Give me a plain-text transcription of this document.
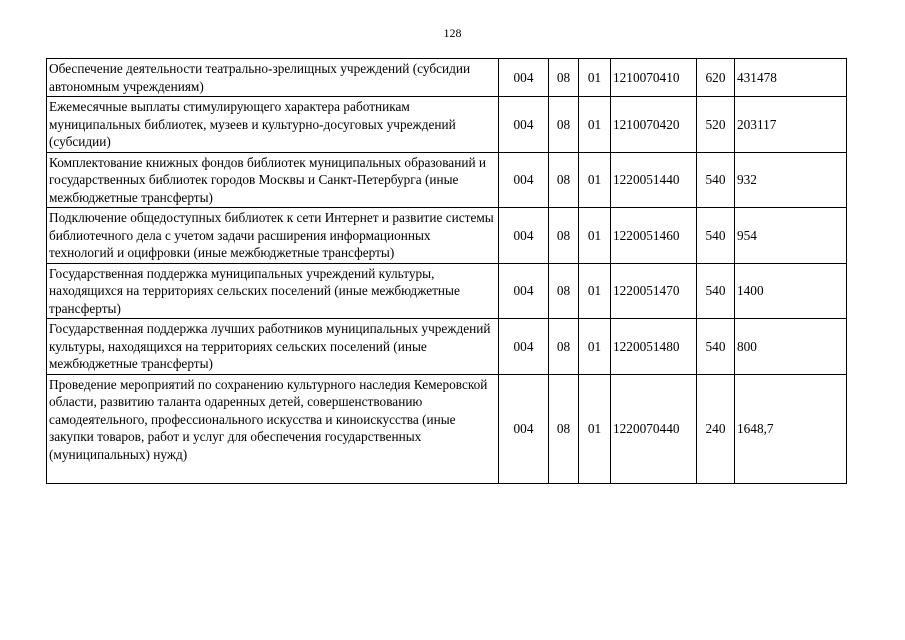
128
Обеспечение деятельности театрально-зрелищных учреждений (субсидии автономным учреждениям)	004	08	01	1210070410	620	431478
Ежемесячные выплаты стимулирующего характера работникам муниципальных библиотек, музеев и культурно-досуговых учреждений (субсидии)	004	08	01	1210070420	520	203117
Комплектование книжных фондов библиотек муниципальных образований и государственных библиотек городов Москвы и Санкт-Петербурга (иные межбюджетные трансферты)	004	08	01	1220051440	540	932
Подключение общедоступных библиотек к сети Интернет и развитие системы библиотечного дела с учетом задачи расширения информационных технологий и оцифровки (иные межбюджетные трансферты)	004	08	01	1220051460	540	954
Государственная поддержка муниципальных учреждений культуры, находящихся на территориях сельских поселений (иные межбюджетные трансферты)	004	08	01	1220051470	540	1400
Государственная поддержка лучших работников муниципальных учреждений культуры, находящихся на территориях сельских поселений (иные межбюджетные трансферты)	004	08	01	1220051480	540	800
Проведение мероприятий по сохранению культурного наследия Кемеровской области, развитию таланта одаренных детей, совершенствованию самодеятельного, профессионального искусства и киноискусства (иные закупки товаров, работ и услуг для обеспечения государственных (муниципальных) нужд)	004	08	01	1220070440	240	1648,7
